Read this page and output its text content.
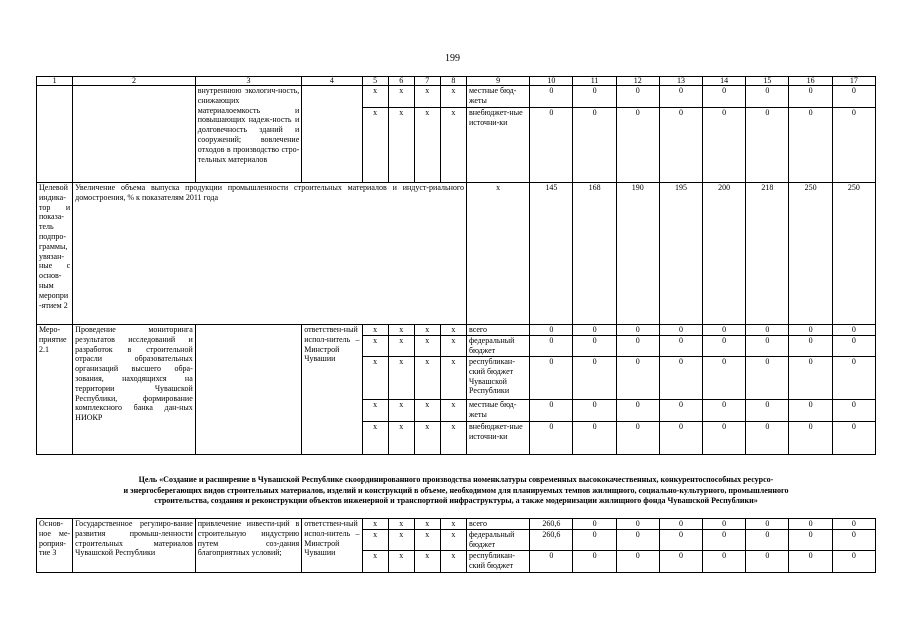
199
1	2	3	4	5	6	7	8	9	10	11	12	13	14	15	16	17
		внутреннюю экологич-ность, снижающих материалоемкость и повышающих надеж-ность и долговечность зданий и сооружений; вовлечение отходов в производство стро-тельных материалов		x	x	x	x	местные бюд-жеты	0	0	0	0	0	0	0	0
				x	x	x	x	внебюджет-ные источни-ки	0	0	0	0	0	0	0	0
Целевой индика-тор и показа-тель подпро-граммы, увязан-ные с основ-ным меропри-ятием 2	Увеличение объема выпуска продукции промышленности строительных материалов и индуст-риального домостроения, % к показателям 2011 года							x	145	168	190	195	200	218	250	250
Меро-приятие 2.1	Проведение мониторинга результатов исследований и разработок в строительной отрасли образовательных организаций высшего обра-зования, находящихся на территории Чувашской Республики, формирование комплексного банка дан-ных НИОКР		ответствен-ный испол-нитель – Минстрой Чувашии	x	x	x	x	всего	0	0	0	0	0	0	0	0
				x	x	x	x	федеральный бюджет	0	0	0	0	0	0	0	0
				x	x	x	x	республикан-ский бюджет Чувашской Республики	0	0	0	0	0	0	0	0
				x	x	x	x	местные бюд-жеты	0	0	0	0	0	0	0	0
				x	x	x	x	внебюджет-ные источни-ки	0	0	0	0	0	0	0	0
Цель «Создание и расширение в Чувашской Республике скоординированного производства номенклатуры современных высококачественных, конкурентоспособных ресурсо-
и энергосберегающих видов строительных материалов, изделий и конструкций в объеме, необходимом для планируемых темпов жилищного, социально-культурного, промышленного
строительства, создания и реконструкции объектов инженерной и транспортной инфраструктуры, а также модернизации жилищного фонда Чувашской Республики»
Основ-ное ме-роприя-тие 3	Государственное регулиро-вание развития промыш-ленности строительных материалов Чувашской Республики	привлечение инвести-ций в строительную индустрию путем соз-дания благоприятных условий;	ответствен-ный испол-нитель – Минстрой Чувашии	x	x	x	x	всего	260,6	0	0	0	0	0	0	0
				x	x	x	x	федеральный бюджет	260,6	0	0	0	0	0	0	0
				x	x	x	x	республикан-ский бюджет	0	0	0	0	0	0	0	0
